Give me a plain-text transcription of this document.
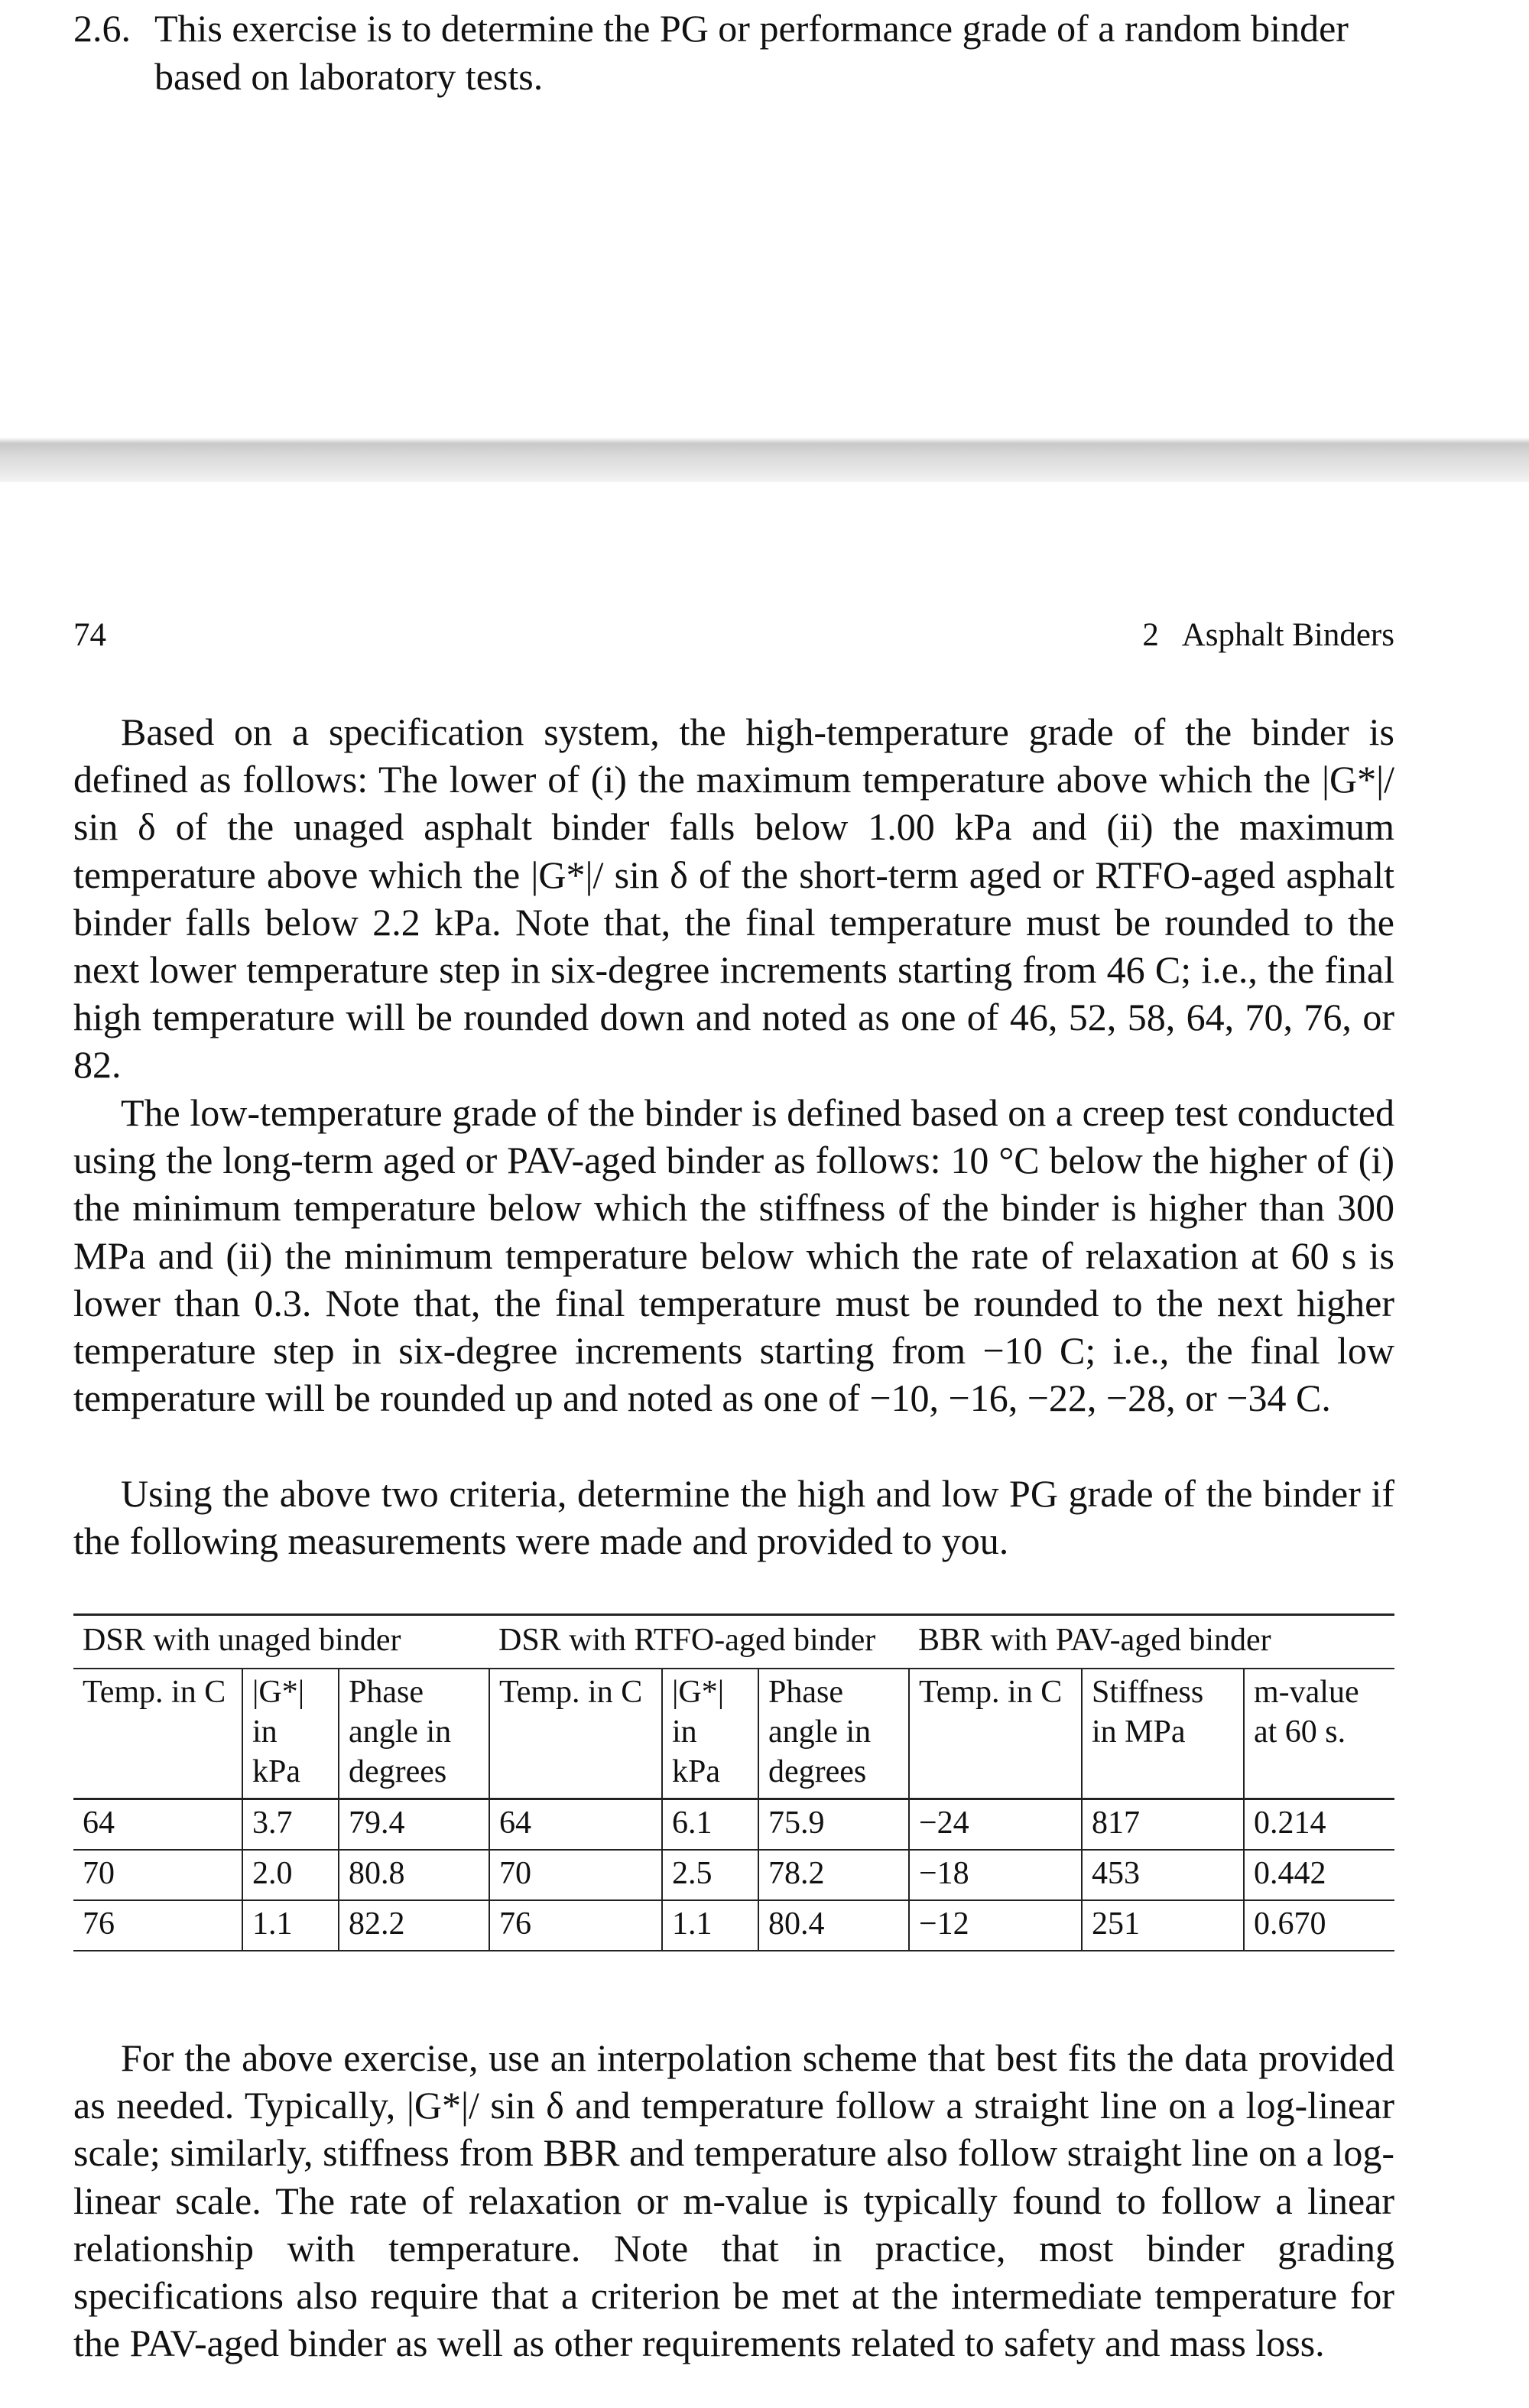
2.6. This exercise is to determine the PG or performance grade of a random binder
based on laboratory tests.
74	2   Asphalt Binders

Based on a specification system, the high-temperature grade of the binder is defined as follows: The lower of (i) the maximum temperature above which the |G*|/ sin δ of the unaged asphalt binder falls below 1.00 kPa and (ii) the maximum temperature above which the |G*|/ sin δ of the short-term aged or RTFO-aged asphalt binder falls below 2.2 kPa. Note that, the final temperature must be rounded to the next lower temperature step in six-degree increments starting from 46 C; i.e., the final high temperature will be rounded down and noted as one of 46, 52, 58, 64, 70, 76, or 82.

The low-temperature grade of the binder is defined based on a creep test conducted using the long-term aged or PAV-aged binder as follows: 10 °C below the higher of (i) the minimum temperature below which the stiffness of the binder is higher than 300 MPa and (ii) the minimum temperature below which the rate of relaxation at 60 s is lower than 0.3. Note that, the final temperature must be rounded to the next higher temperature step in six-degree increments starting from −10 C; i.e., the final low temperature will be rounded up and noted as one of −10, −16, −22, −28, or −34 C.

Using the above two criteria, determine the high and low PG grade of the binder if the following measurements were made and provided to you.

DSR with unaged binder			DSR with RTFO-aged binder			BBR with PAV-aged binder		
Temp. in C	|G*| in kPa	Phase angle in degrees	Temp. in C	|G*| in kPa	Phase angle in degrees	Temp. in C	Stiffness in MPa	m-value at 60 s.
64	3.7	79.4	64	6.1	75.9	−24	817	0.214
70	2.0	80.8	70	2.5	78.2	−18	453	0.442
76	1.1	82.2	76	1.1	80.4	−12	251	0.670

For the above exercise, use an interpolation scheme that best fits the data provided as needed. Typically, |G*|/ sin δ and temperature follow a straight line on a log-linear scale; similarly, stiffness from BBR and temperature also follow straight line on a log-linear scale. The rate of relaxation or m-value is typically found to follow a linear relationship with temperature. Note that in practice, most binder grading specifications also require that a criterion be met at the intermediate temperature for the PAV-aged binder as well as other requirements related to safety and mass loss.
